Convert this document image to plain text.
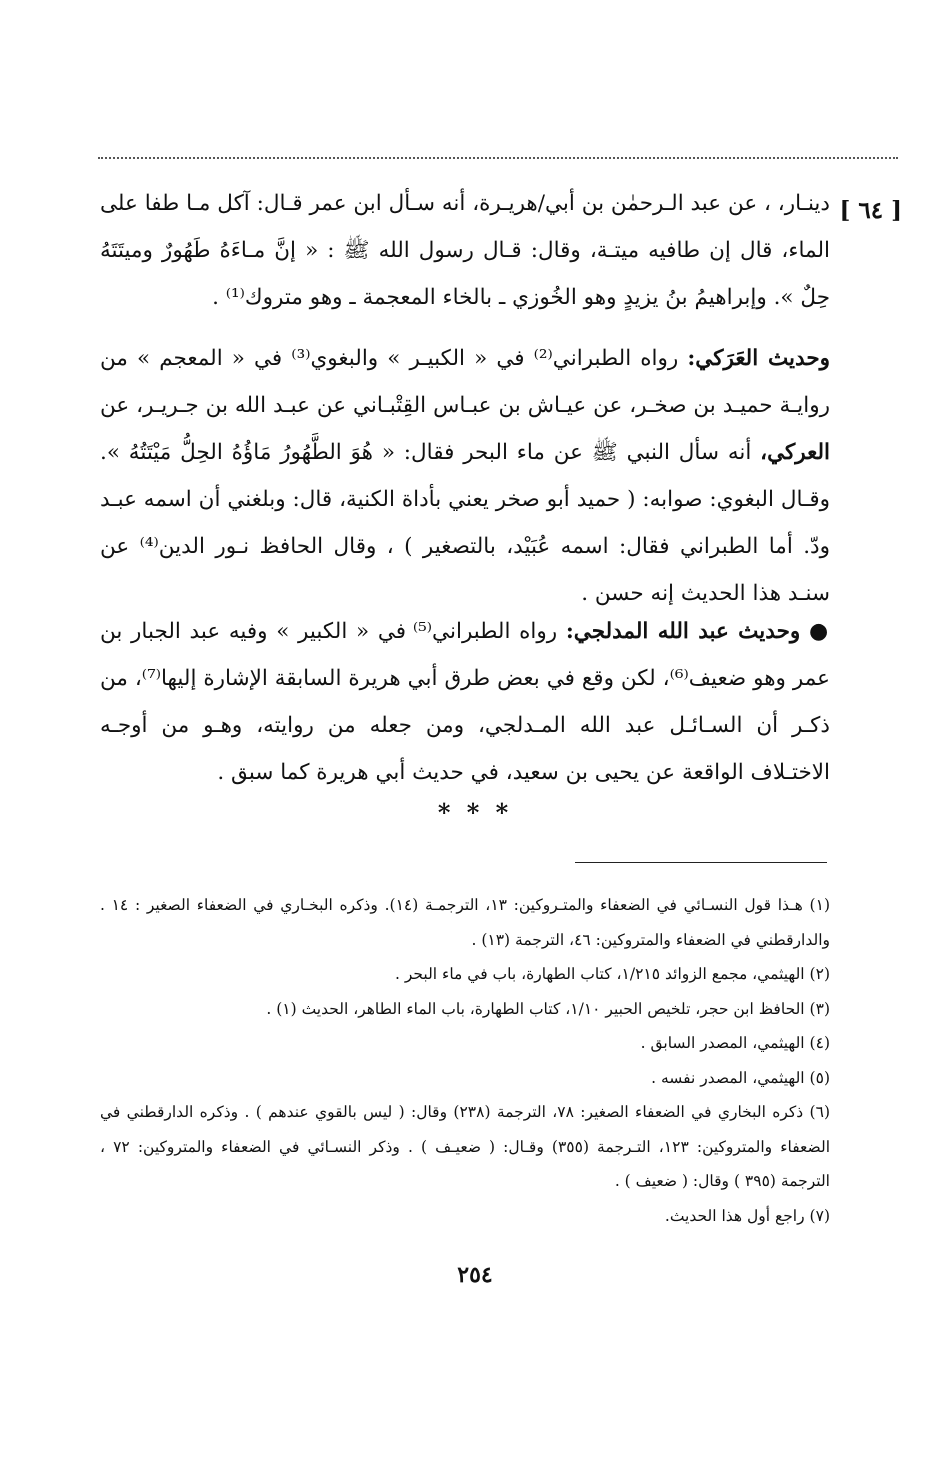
[ ٦٤ ]

دينـار، ، عن عبد الـرحمٰن بن أبي/هريـرة، أنه سـأل ابن عمر قـال: آكل مـا طفا على الماء، قال إن طافيه ميتـة، وقال: قـال رسول الله ﷺ : « إنَّ مـاءَهُ طَهُورٌ وميتَتَهُ حِلٌ ». وإبراهيمُ بنُ يزيدٍ وهو الخُوزي ـ بالخاء المعجمة ـ وهو متروك⁽¹⁾ .

وحديث العَرَكي: رواه الطبراني⁽²⁾ في « الكبيـر » والبغوي⁽³⁾ في « المعجم » من روايـة حميـد بن صخـر، عن عيـاش بن عبـاس القِتْبـاني عن عبـد الله بن جـريـر، عن العركي، أنه سأل النبي ﷺ عن ماء البحر فقال: « هُوَ الطَّهُورُ مَاؤُهُ الحِلُّ مَيْتَتُهُ ». وقـال البغوي: صوابه: ( حميد أبو صخر يعني بأداة الكنية، قال: وبلغني أن اسمه عبـد ودّ. أما الطبراني فقال: اسمه عُبَيْد، بالتصغير ) ، وقال الحافظ نـور الدين⁽⁴⁾ عن سنـد هذا الحديث إنه حسن .

● وحديث عبد الله المدلجي: رواه الطبراني⁽⁵⁾ في « الكبير » وفيه عبد الجبار بن عمر وهو ضعيف⁽⁶⁾، لكن وقع في بعض طرق أبي هريرة السابقة الإشارة إليها⁽⁷⁾، من ذكـر أن السـائـل عبد الله المـدلجي، ومن جعله من روايته، وهـو من أوجـه الاختـلاف الواقعة عن يحيى بن سعيد، في حديث أبي هريرة كما سبق .

* * *

(١) هـذا قول النسـائي في الضعفاء والمتـروكين: ١٣، الترجمـة (١٤). وذكره البخـاري في الضعفاء الصغير : ١٤ . والدارقطني في الضعفاء والمتروكين: ٤٦، الترجمة (١٣) .

(٢) الهيثمي، مجمع الزوائد ١/٢١٥، كتاب الطهارة، باب في ماء البحر .

(٣) الحافظ ابن حجر، تلخيص الحبير ١/١٠، كتاب الطهارة، باب الماء الطاهر، الحديث (١) .

(٤) الهيثمي، المصدر السابق .

(٥) الهيثمي، المصدر نفسه .

(٦) ذكره البخاري في الضعفاء الصغير: ٧٨، الترجمة (٢٣٨) وقال: ( ليس بالقوي عندهم ) . وذكره الدارقطني في الضعفاء والمتروكين: ١٢٣، التـرجمة (٣٥٥) وقـال: ( ضعيـف ) . وذكر النسـائي في الضعفاء والمتروكين: ٧٢ ، الترجمة (٣٩٥ ) وقال: ( ضعيف ) .

(٧) راجع أول هذا الحديث.

٢٥٤
